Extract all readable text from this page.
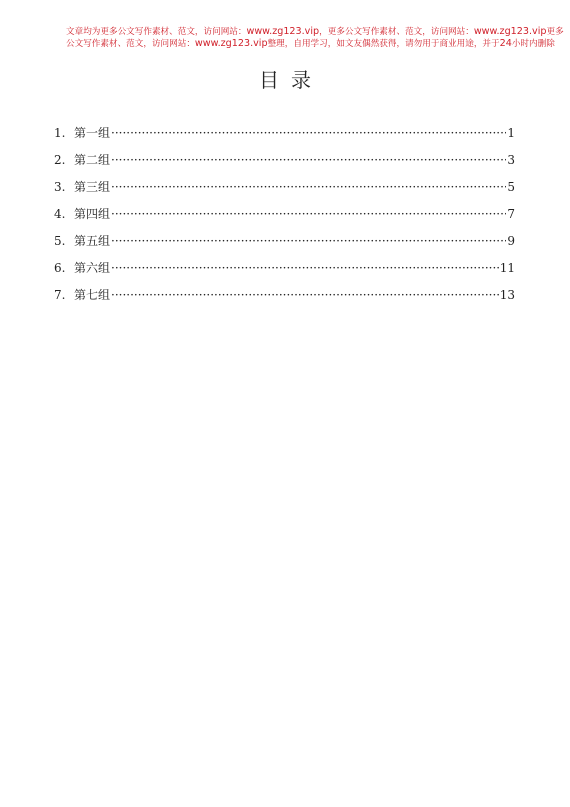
文章均为更多公文写作素材、范文，访问网站：www.zg123.vip，更多公文写作素材、范文，访问网站：www.zg123.vip更多
公文写作素材、范文，访问网站：www.zg123.vip整理，自用学习，如文友偶然获得，请勿用于商业用途，并于24小时内删除
目录
1. 第一组 ·····	1
2. 第二组 ·····	3
3. 第三组 ·····	5
4. 第四组 ·····	7
5. 第五组 ·····	9
6. 第六组 ·····	11
7. 第七组 ·····	13
